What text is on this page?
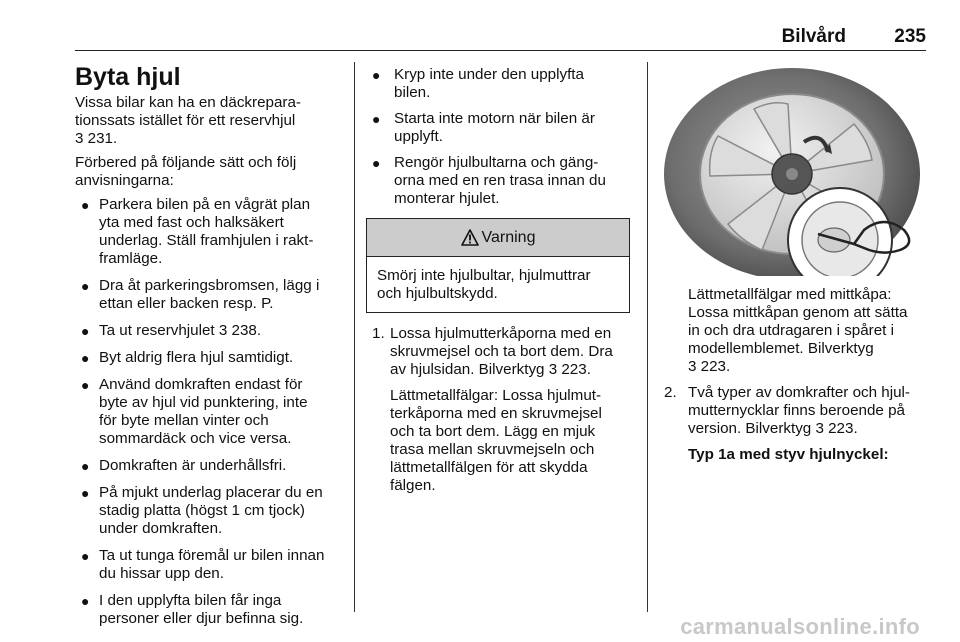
Bilvård	235
Byta hjul

Vissa bilar kan ha en däckrepara-
tionssats istället för ett reservhjul
3 231.

Förbered på följande sätt och följ
anvisningarna:

● Parkera bilen på en vågrät plan
yta med fast och halksäkert
underlag. Ställ framhjulen i rakt-
framläge.
● Dra åt parkeringsbromsen, lägg i
ettan eller backen resp. P.
● Ta ut reservhjulet 3 238.
● Byt aldrig flera hjul samtidigt.
● Använd domkraften endast för
byte av hjul vid punktering, inte
för byte mellan vinter och
sommardäck och vice versa.
● Domkraften är underhållsfri.
● På mjukt underlag placerar du en
stadig platta (högst 1 cm tjock)
under domkraften.
● Ta ut tunga föremål ur bilen innan
du hissar upp den.
● I den upplyfta bilen får inga
personer eller djur befinna sig.
● Kryp inte under den upplyfta
bilen.
● Starta inte motorn när bilen är
upplyft.
● Rengör hjulbultarna och gäng-
orna med en ren trasa innan du
monterar hjulet.
Varning
Smörj inte hjulbultar, hjulmuttrar
och hjulbultskydd.
1. Lossa hjulmutterkåporna med en
skruvmejsel och ta bort dem. Dra
av hjulsidan. Bilverktyg 3 223.

Lättmetallfälgar: Lossa hjulmut-
terkåporna med en skruvmejsel
och ta bort dem. Lägg en mjuk
trasa mellan skruvmejseln och
lättmetallfälgen för att skydda
fälgen.

Lättmetallfälgar med mittkåpa:
Lossa mittkåpan genom att sätta
in och dra utdragaren i spåret i
modellemblemet. Bilverktyg
3 223.
2. Två typer av domkrafter och hjul-
mutternycklar finns beroende på
version. Bilverktyg 3 223.

Typ 1a med styv hjulnyckel:

carmanualsonline.info
